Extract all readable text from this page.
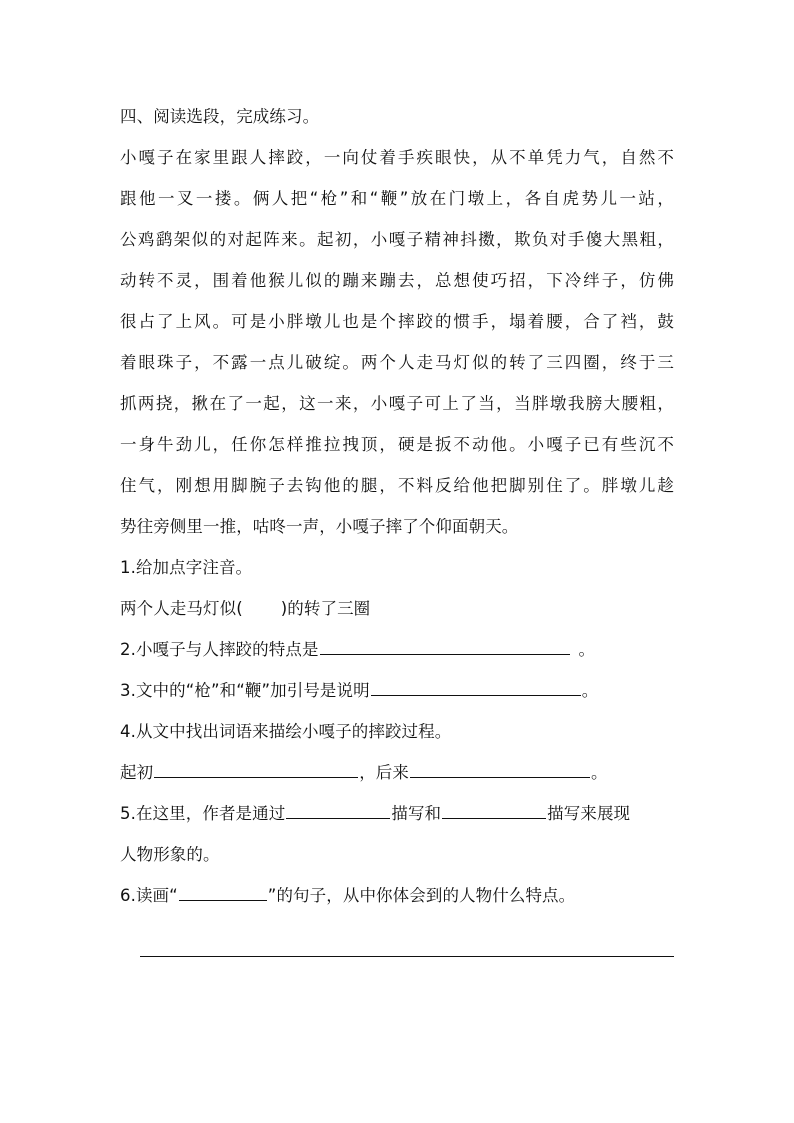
四、阅读选段，完成练习。
小嘎子在家里跟人摔跤，一向仗着手疾眼快，从不单凭力气，自然不
跟他一叉一搂。俩人把“枪”和“鞭”放在门墩上，各自虎势儿一站，
公鸡鹞架似的对起阵来。起初，小嘎子精神抖擞，欺负对手傻大黑粗，
动转不灵，围着他猴儿似的蹦来蹦去，总想使巧招，下冷绊子，仿佛
很占了上风。可是小胖墩儿也是个摔跤的惯手，塌着腰，合了裆，鼓
着眼珠子，不露一点儿破绽。两个人走马灯似的转了三四圈，终于三
抓两挠，揪在了一起，这一来，小嘎子可上了当，当胖墩我膀大腰粗，
一身牛劲儿，任你怎样推拉拽顶，硬是扳不动他。小嘎子已有些沉不
住气，刚想用脚腕子去钩他的腿，不料反给他把脚别住了。胖墩儿趁
势往旁侧里一推，咕咚一声，小嘎子摔了个仰面朝天。
1.给加点字注音。
两个人走马灯似( )的转了三圈
2.小嘎子与人摔跤的特点是	。
3.文中的“枪”和“鞭”加引号是说明	。
4.从文中找出词语来描绘小嘎子的摔跤过程。
起初	，后来	。
5.在这里，作者是通过	描写和	描写来展现
人物形象的。
6.读画“	”的句子，从中你体会到的人物什么特点。
